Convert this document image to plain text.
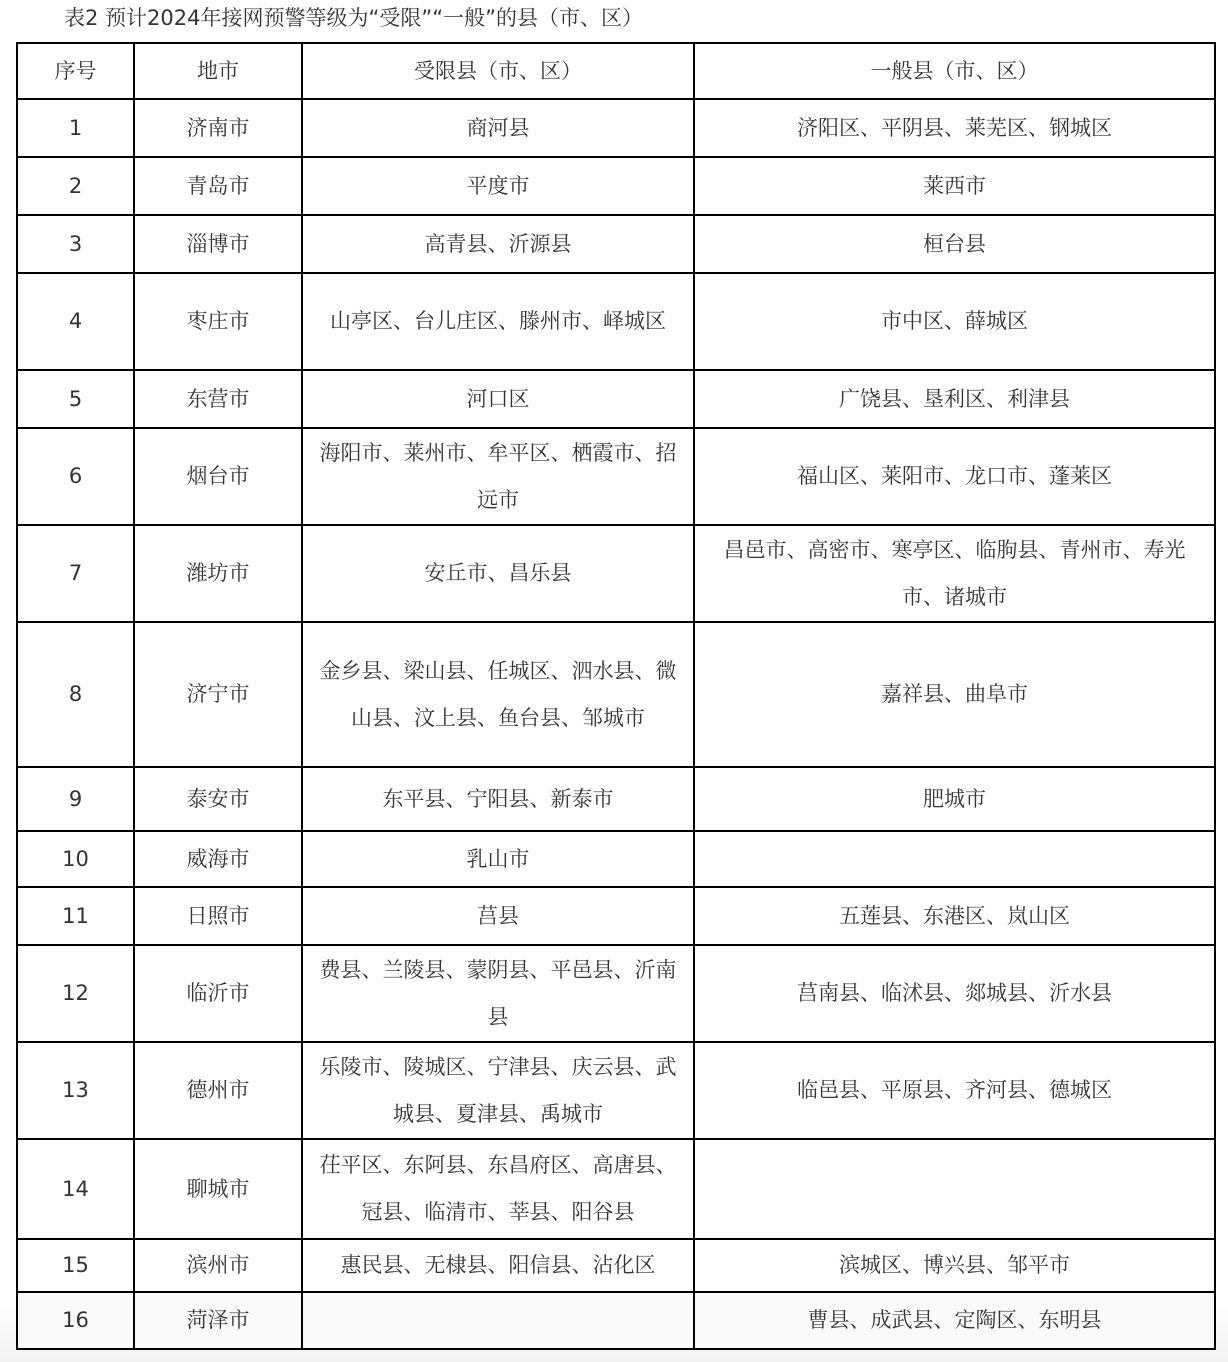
表2 预计2024年接网预警等级为“受限”“一般”的县（市、区）
序号	地市	受限县（市、区）	一般县（市、区）
1	济南市	商河县	济阳区、平阴县、莱芜区、钢城区
2	青岛市	平度市	莱西市
3	淄博市	高青县、沂源县	桓台县
4	枣庄市	山亭区、台儿庄区、滕州市、峄城区	市中区、薛城区
5	东营市	河口区	广饶县、垦利区、利津县
6	烟台市	海阳市、莱州市、牟平区、栖霞市、招远市	福山区、莱阳市、龙口市、蓬莱区
7	潍坊市	安丘市、昌乐县	昌邑市、高密市、寒亭区、临朐县、青州市、寿光市、诸城市
8	济宁市	金乡县、梁山县、任城区、泗水县、微山县、汶上县、鱼台县、邹城市	嘉祥县、曲阜市
9	泰安市	东平县、宁阳县、新泰市	肥城市
10	威海市	乳山市	
11	日照市	莒县	五莲县、东港区、岚山区
12	临沂市	费县、兰陵县、蒙阴县、平邑县、沂南县	莒南县、临沭县、郯城县、沂水县
13	德州市	乐陵市、陵城区、宁津县、庆云县、武城县、夏津县、禹城市	临邑县、平原县、齐河县、德城区
14	聊城市	茌平区、东阿县、东昌府区、高唐县、冠县、临清市、莘县、阳谷县	
15	滨州市	惠民县、无棣县、阳信县、沾化区	滨城区、博兴县、邹平市
16	菏泽市		曹县、成武县、定陶区、东明县
